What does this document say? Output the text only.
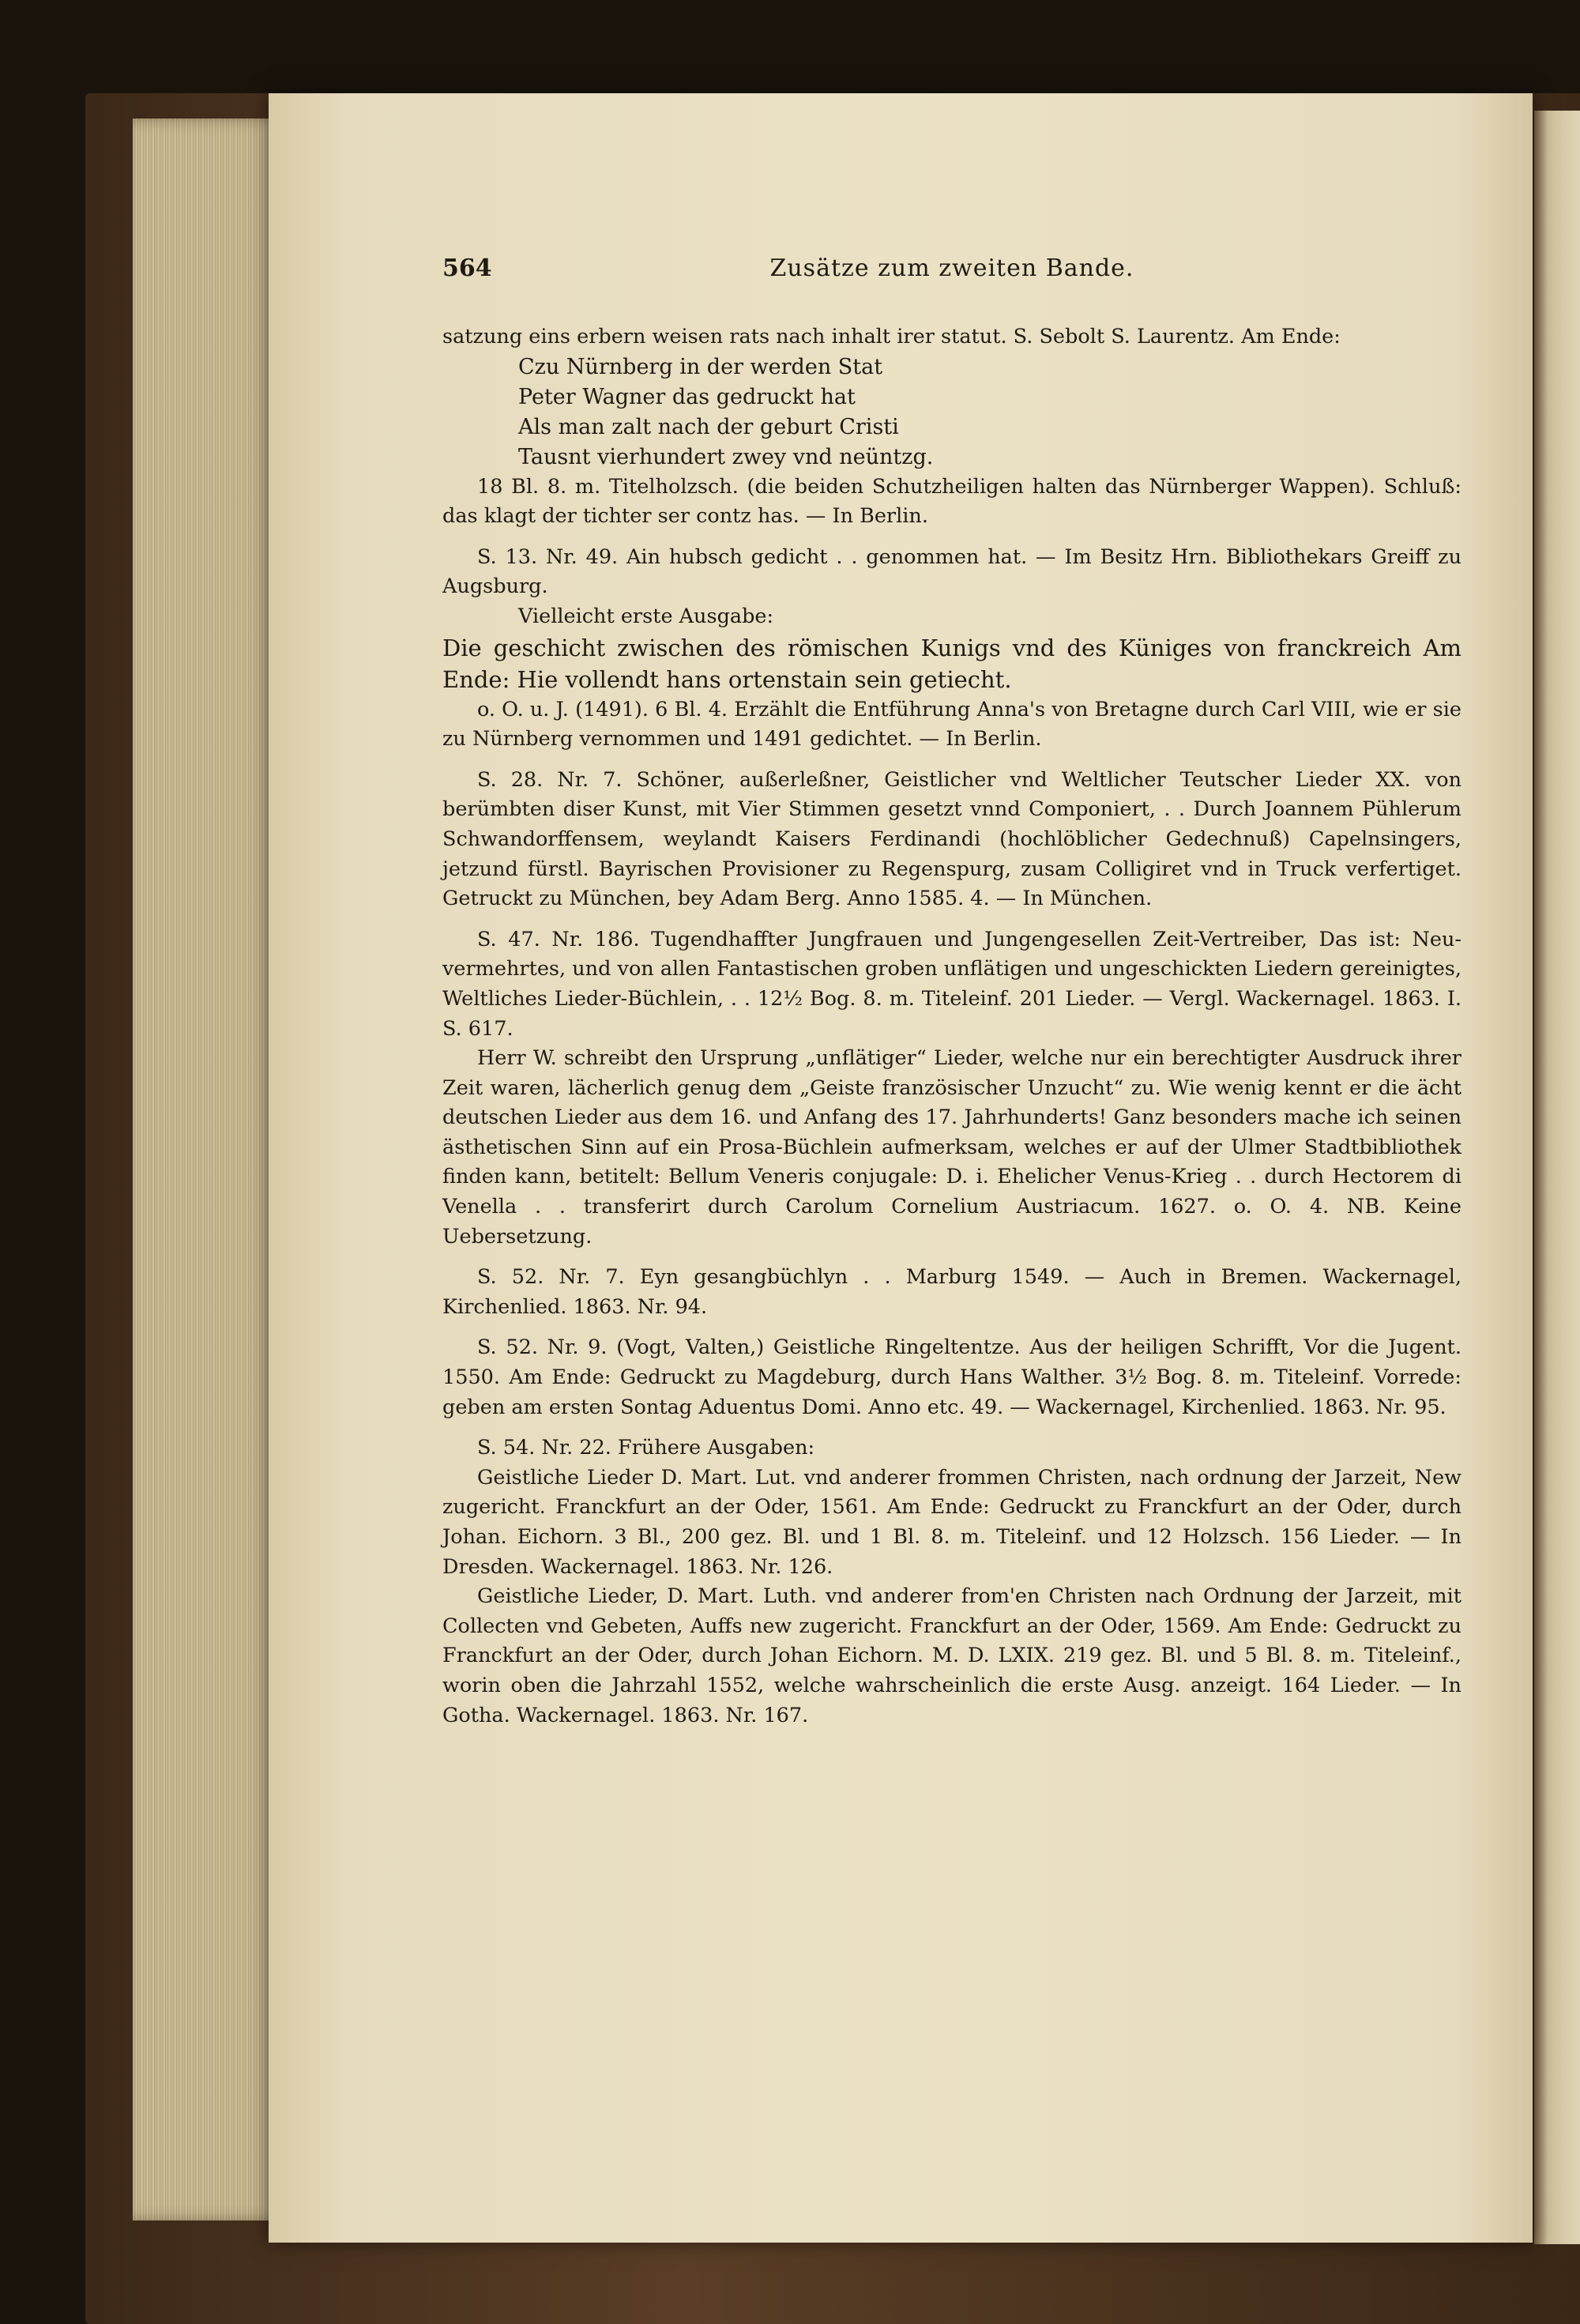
564	Zusätze zum zweiten Bande.

satzung eins erbern weisen rats nach inhalt irer statut. S. Sebolt S. Laurentz. Am Ende:

Czu Nürnberg in der werden Stat

Peter Wagner das gedruckt hat

Als man zalt nach der geburt Cristi

Tausnt vierhundert zwey vnd neüntzg.

18 Bl. 8. m. Titelholzsch. (die beiden Schutzheiligen halten das Nürnberger Wappen). Schluß: das klagt der tichter ser contz has. — In Berlin.

S. 13. Nr. 49. Ain hubsch gedicht . . genommen hat. — Im Besitz Hrn. Bibliothekars Greiff zu Augsburg.

Vielleicht erste Ausgabe:

Die geschicht zwischen des römischen Kunigs vnd des Küniges von franckreich Am Ende: Hie vollendt hans ortenstain sein getiecht.

o. O. u. J. (1491). 6 Bl. 4. Erzählt die Entführung Anna's von Bretagne durch Carl VIII, wie er sie zu Nürnberg vernommen und 1491 gedichtet. — In Berlin.

S. 28. Nr. 7. Schöner, außerleßner, Geistlicher vnd Weltlicher Teutscher Lieder XX. von berümbten diser Kunst, mit Vier Stimmen gesetzt vnnd Componiert, . . Durch Joannem Pühlerum Schwandorffensem, weylandt Kaisers Ferdinandi (hochlöblicher Gedechnuß) Capelnsingers, jetzund fürstl. Bayrischen Provisioner zu Regenspurg, zusam Colligiret vnd in Truck verfertiget. Getruckt zu München, bey Adam Berg. Anno 1585. 4. — In München.

S. 47. Nr. 186. Tugendhaffter Jungfrauen und Jungengesellen Zeit-Vertreiber, Das ist: Neu-vermehrtes, und von allen Fantastischen groben unflätigen und ungeschickten Liedern gereinigtes, Weltliches Lieder-Büchlein, . . 12½ Bog. 8. m. Titeleinf. 201 Lieder. — Vergl. Wackernagel. 1863. I. S. 617.

Herr W. schreibt den Ursprung „unflätiger“ Lieder, welche nur ein berechtigter Ausdruck ihrer Zeit waren, lächerlich genug dem „Geiste französischer Unzucht“ zu. Wie wenig kennt er die ächt deutschen Lieder aus dem 16. und Anfang des 17. Jahrhunderts! Ganz besonders mache ich seinen ästhetischen Sinn auf ein Prosa-Büchlein aufmerksam, welches er auf der Ulmer Stadtbibliothek finden kann, betitelt: Bellum Veneris conjugale: D. i. Ehelicher Venus-Krieg . . durch Hectorem di Venella . . transferirt durch Carolum Cornelium Austriacum. 1627. o. O. 4. NB. Keine Uebersetzung.

S. 52. Nr. 7. Eyn gesangbüchlyn . . Marburg 1549. — Auch in Bremen. Wackernagel, Kirchenlied. 1863. Nr. 94.

S. 52. Nr. 9. (Vogt, Valten,) Geistliche Ringeltentze. Aus der heiligen Schrifft, Vor die Jugent. 1550. Am Ende: Gedruckt zu Magdeburg, durch Hans Walther. 3½ Bog. 8. m. Titeleinf. Vorrede: geben am ersten Sontag Aduentus Domi. Anno etc. 49. — Wackernagel, Kirchenlied. 1863. Nr. 95.

S. 54. Nr. 22. Frühere Ausgaben:

Geistliche Lieder D. Mart. Lut. vnd anderer frommen Christen, nach ordnung der Jarzeit, New zugericht. Franckfurt an der Oder, 1561. Am Ende: Gedruckt zu Franckfurt an der Oder, durch Johan. Eichorn. 3 Bl., 200 gez. Bl. und 1 Bl. 8. m. Titeleinf. und 12 Holzsch. 156 Lieder. — In Dresden. Wackernagel. 1863. Nr. 126.

Geistliche Lieder, D. Mart. Luth. vnd anderer from'en Christen nach Ordnung der Jarzeit, mit Collecten vnd Gebeten, Auffs new zugericht. Franckfurt an der Oder, 1569. Am Ende: Gedruckt zu Franckfurt an der Oder, durch Johan Eichorn. M. D. LXIX. 219 gez. Bl. und 5 Bl. 8. m. Titeleinf., worin oben die Jahrzahl 1552, welche wahrscheinlich die erste Ausg. anzeigt. 164 Lieder. — In Gotha. Wackernagel. 1863. Nr. 167.
